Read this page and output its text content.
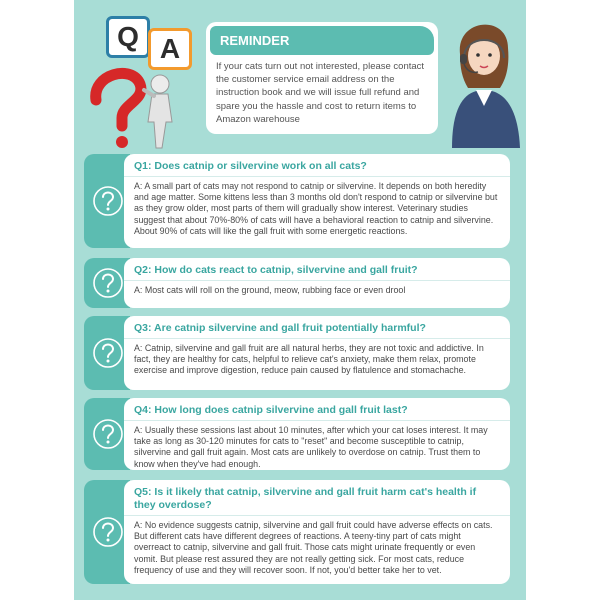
Q A	REMINDER
If your cats turn out not interested, please contact the customer service email address on the instruction book and we will issue full refund and spare you the hassle and cost to return items to Amazon warehouse
Q1: Does catnip or silvervine work on all cats?
A: A small part of cats may not respond to catnip or silvervine. It depends on both heredity and age matter. Some kittens less than 3 months old don't respond to catnip or silvervine but as they grow older, most parts of them will gradually show interest. Veterinary studies suggest that about 70%-80% of cats will have a behavioral reaction to catnip and silvervine. About 90% of cats will like the gall fruit with some energetic reactions.
Q2: How do cats react to catnip, silvervine and gall fruit?
A: Most cats will roll on the ground, meow, rubbing face or even drool
Q3: Are catnip silvervine and gall fruit potentially harmful?
A: Catnip, silvervine and gall fruit are all natural herbs, they are not toxic and addictive. In fact, they are healthy for cats, helpful to relieve cat's anxiety, make them relax, promote exercise and improve digestion, reduce pain caused by flatulence and stomachache.
Q4: How long does catnip silvervine and gall fruit last?
A: Usually these sessions last about 10 minutes, after which your cat loses interest. It may take as long as 30-120 minutes for cats to "reset" and become susceptible to catnip, silvervine and gall fruit again. Most cats are unlikely to overdose on catnip. Trust them to know when they've had enough.
Q5: Is it likely that catnip, silvervine and gall fruit harm cat's health if they overdose?
A: No evidence suggests catnip, silvervine and gall fruit could have adverse effects on cats. But different cats have different degrees of reactions. A teeny-tiny part of cats might overreact to catnip, silvervine and gall fruit. Those cats might urinate frequently or even vomit. But please rest assured they are not really getting sick. For most cats, reduce frequency of use and they will recover soon. If not, you'd better take her to vet.
